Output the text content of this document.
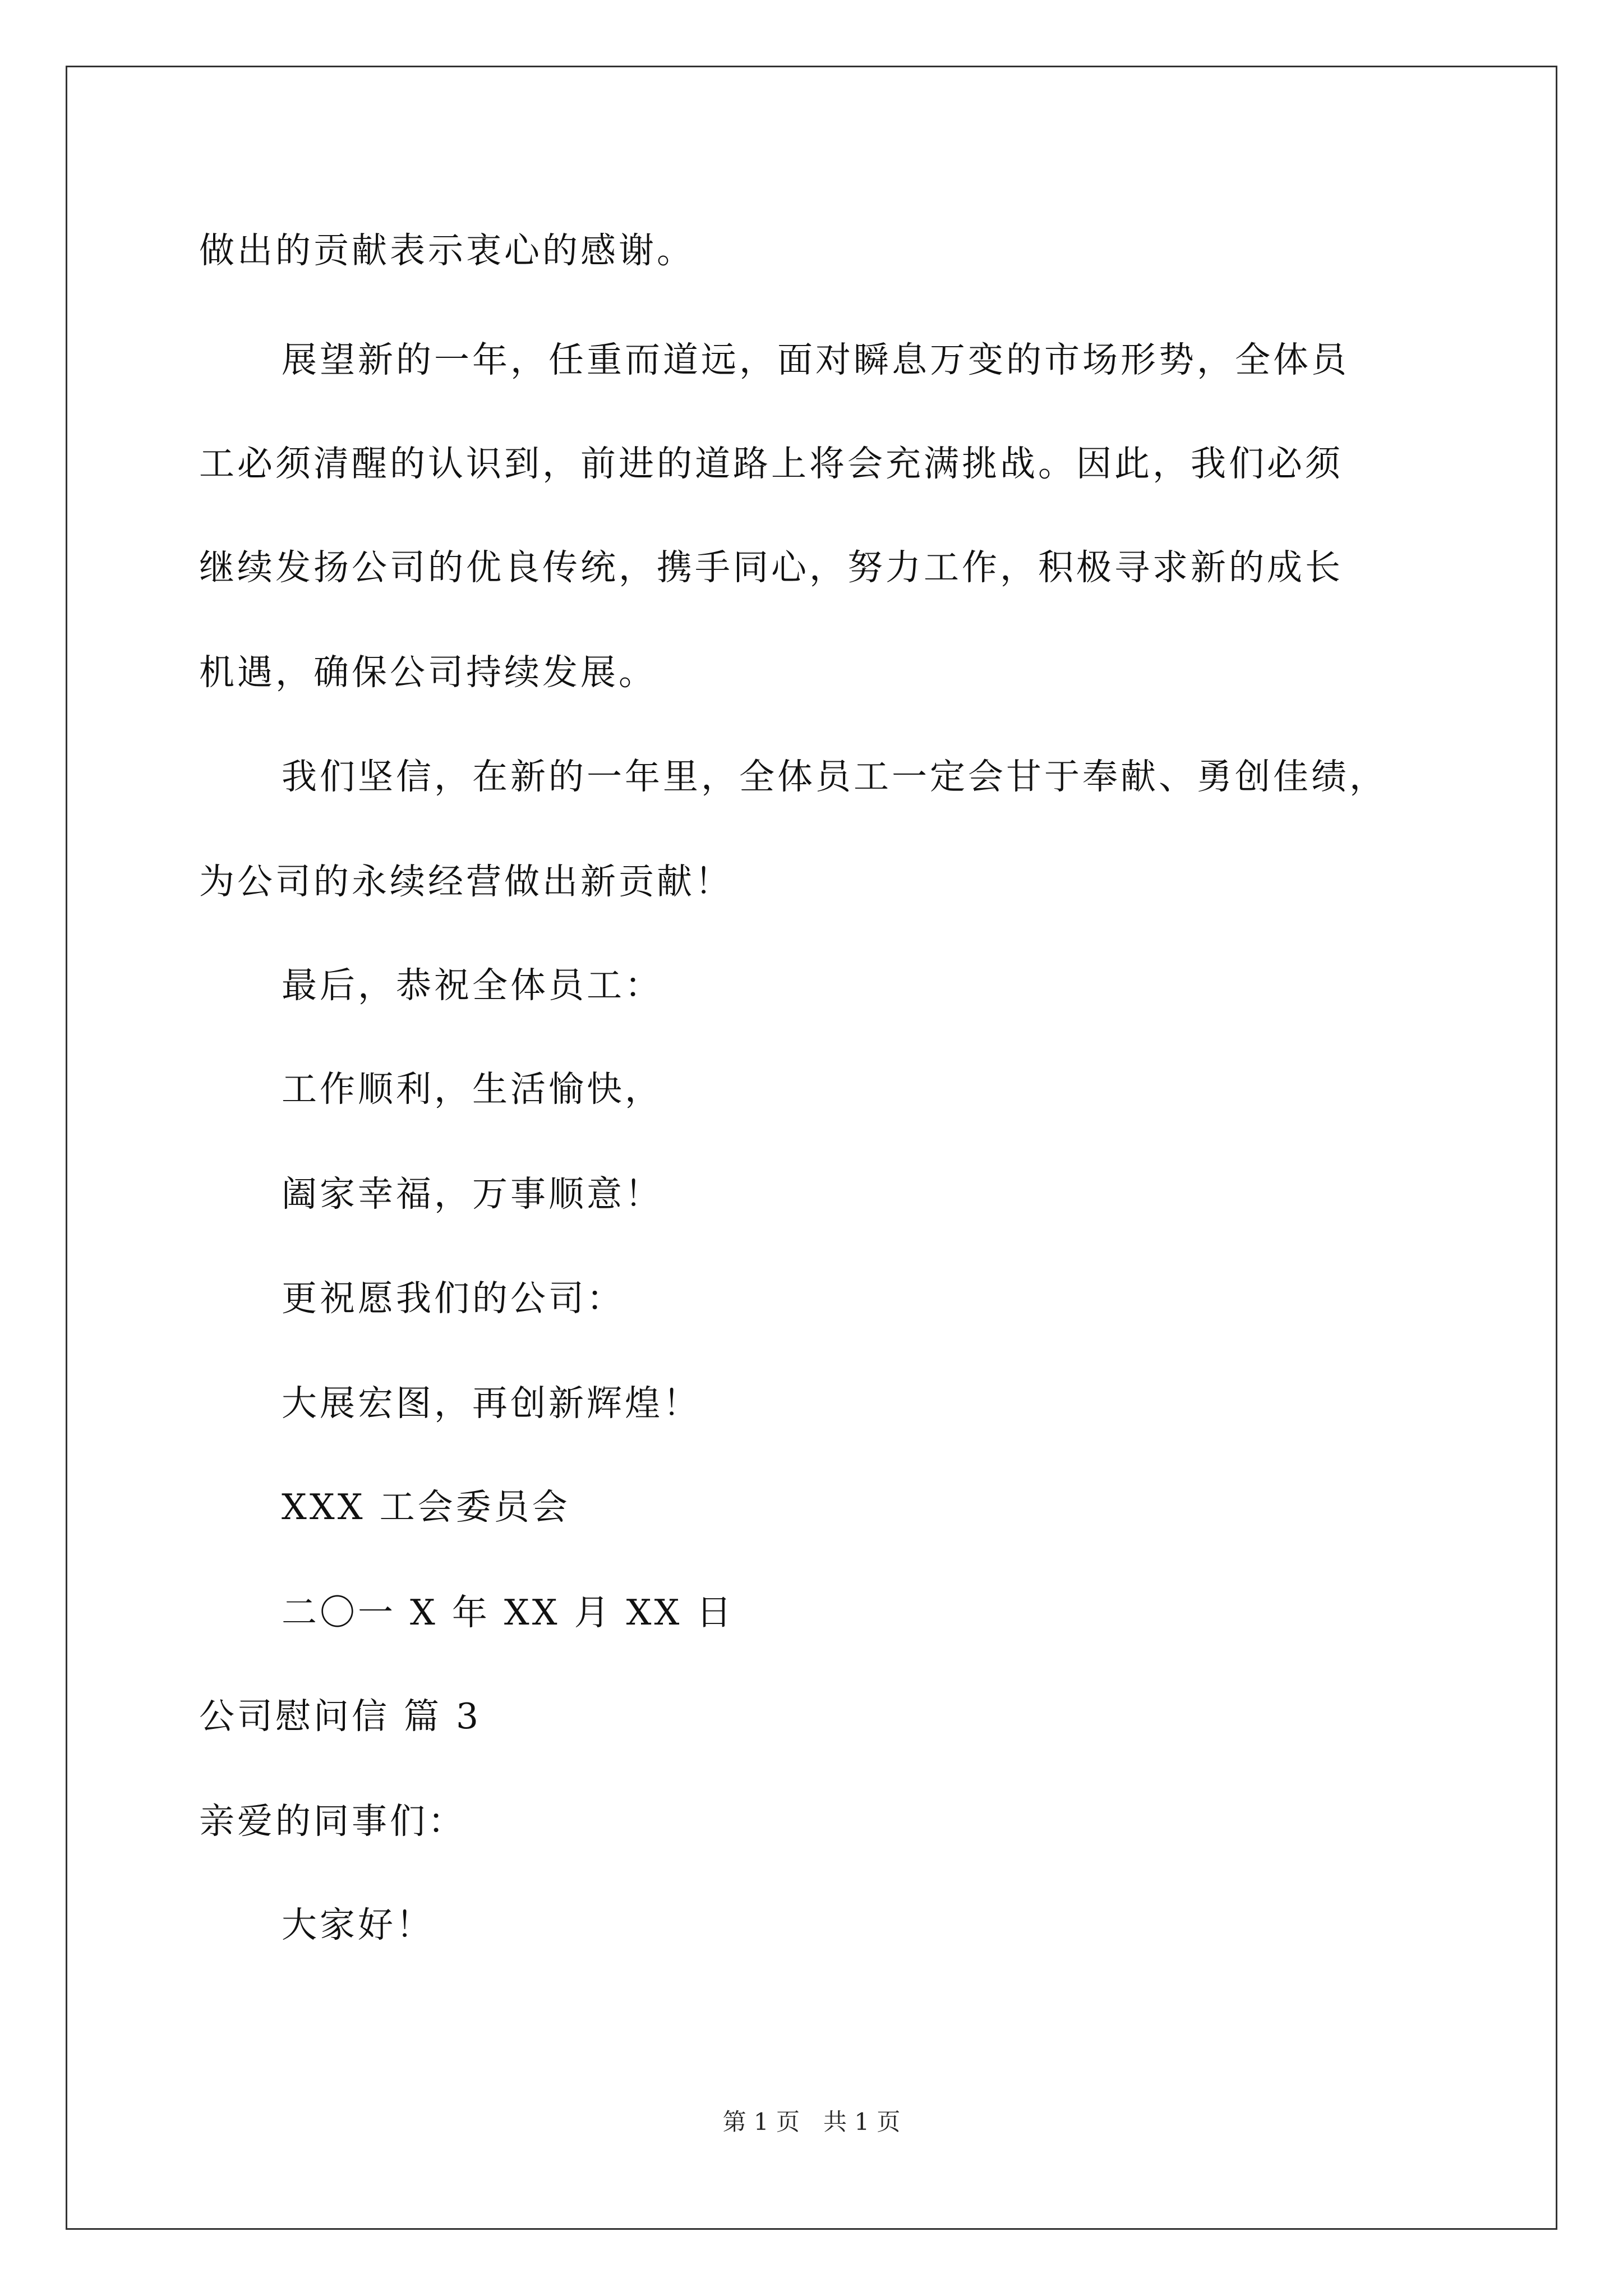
做出的贡献表示衷心的感谢。
展望新的一年，任重而道远，面对瞬息万变的市场形势，全体员
工必须清醒的认识到，前进的道路上将会充满挑战。因此，我们必须
继续发扬公司的优良传统，携手同心，努力工作，积极寻求新的成长
机遇，确保公司持续发展。
我们坚信，在新的一年里，全体员工一定会甘于奉献、勇创佳绩，
为公司的永续经营做出新贡献！
最后，恭祝全体员工：
工作顺利，生活愉快，
阖家幸福，万事顺意！
更祝愿我们的公司：
大展宏图，再创新辉煌！
XXX 工会委员会
二〇一 X 年 XX 月 XX 日
公司慰问信 篇 3
亲爱的同事们：
大家好！
第 1 页　共 1 页
